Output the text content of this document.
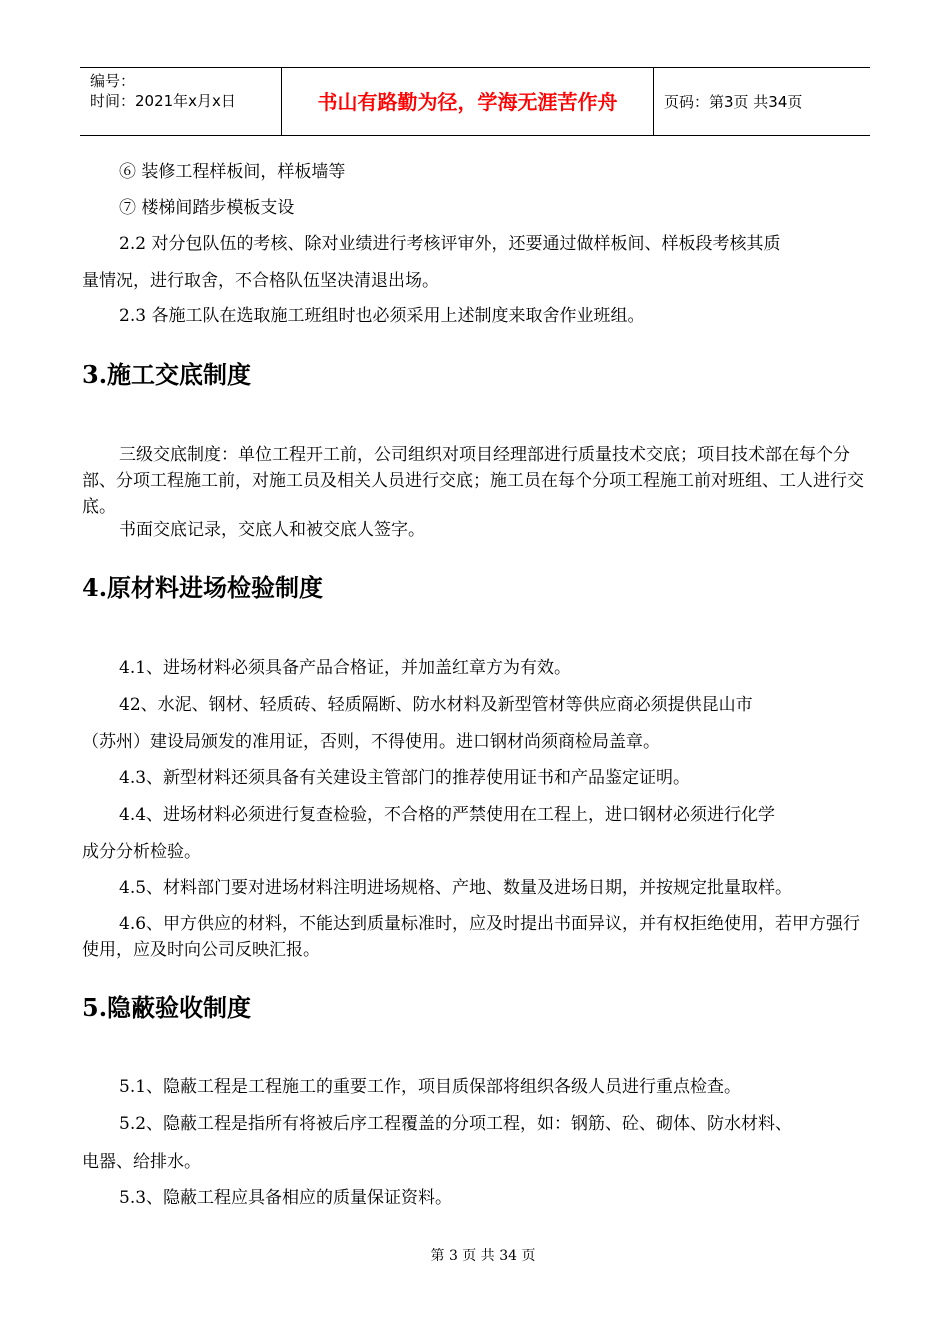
编号：
时间：2021年x月x日	书山有路勤为径，学海无涯苦作舟	页码：第3页 共34页
⑥ 装修工程样板间，样板墙等
⑦ 楼梯间踏步模板支设
2.2 对分包队伍的考核、除对业绩进行考核评审外，还要通过做样板间、样板段考核其质
量情况，进行取舍，不合格队伍坚决清退出场。
2.3 各施工队在选取施工班组时也必须采用上述制度来取舍作业班组。
3.施工交底制度
三级交底制度：单位工程开工前，公司组织对项目经理部进行质量技术交底；项目技术部在每个分部、分项工程施工前，对施工员及相关人员进行交底；施工员在每个分项工程施工前对班组、工人进行交底。
书面交底记录，交底人和被交底人签字。
4.原材料进场检验制度
4.1、进场材料必须具备产品合格证，并加盖红章方为有效。
42、水泥、钢材、轻质砖、轻质隔断、防水材料及新型管材等供应商必须提供昆山市
（苏州）建设局颁发的准用证，否则，不得使用。进口钢材尚须商检局盖章。
4.3、新型材料还须具备有关建设主管部门的推荐使用证书和产品鉴定证明。
4.4、进场材料必须进行复查检验，不合格的严禁使用在工程上，进口钢材必须进行化学
成分分析检验。
4.5、材料部门要对进场材料注明进场规格、产地、数量及进场日期，并按规定批量取样。
4.6、甲方供应的材料，不能达到质量标准时，应及时提出书面异议，并有权拒绝使用，若甲方强行使用，应及时向公司反映汇报。
5.隐蔽验收制度
5.1、隐蔽工程是工程施工的重要工作，项目质保部将组织各级人员进行重点检查。
5.2、隐蔽工程是指所有将被后序工程覆盖的分项工程，如：钢筋、砼、砌体、防水材料、
电器、给排水。
5.3、隐蔽工程应具备相应的质量保证资料。
第 3 页 共 34 页
